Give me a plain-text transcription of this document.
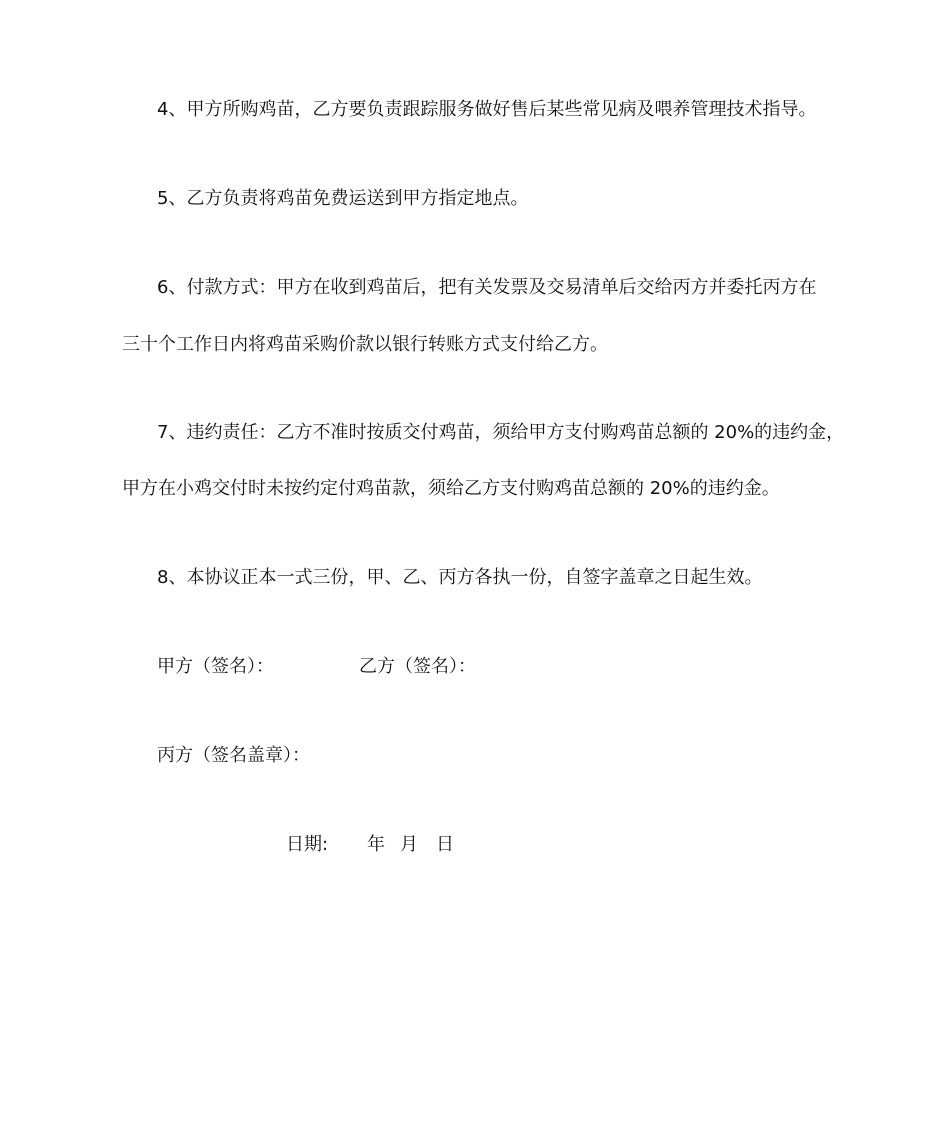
4、甲方所购鸡苗，乙方要负责跟踪服务做好售后某些常见病及喂养管理技术指导。
5、乙方负责将鸡苗免费运送到甲方指定地点。
6、付款方式：甲方在收到鸡苗后，把有关发票及交易清单后交给丙方并委托丙方在
三十个工作日内将鸡苗采购价款以银行转账方式支付给乙方。
7、违约责任：乙方不准时按质交付鸡苗，须给甲方支付购鸡苗总额的 20%的违约金，
甲方在小鸡交付时未按约定付鸡苗款，须给乙方支付购鸡苗总额的 20%的违约金。
8、本协议正本一式三份，甲、乙、丙方各执一份，自签字盖章之日起生效。
甲方（签名）：	乙方（签名）：
丙方（签名盖章）：
日期: 年 月 日
